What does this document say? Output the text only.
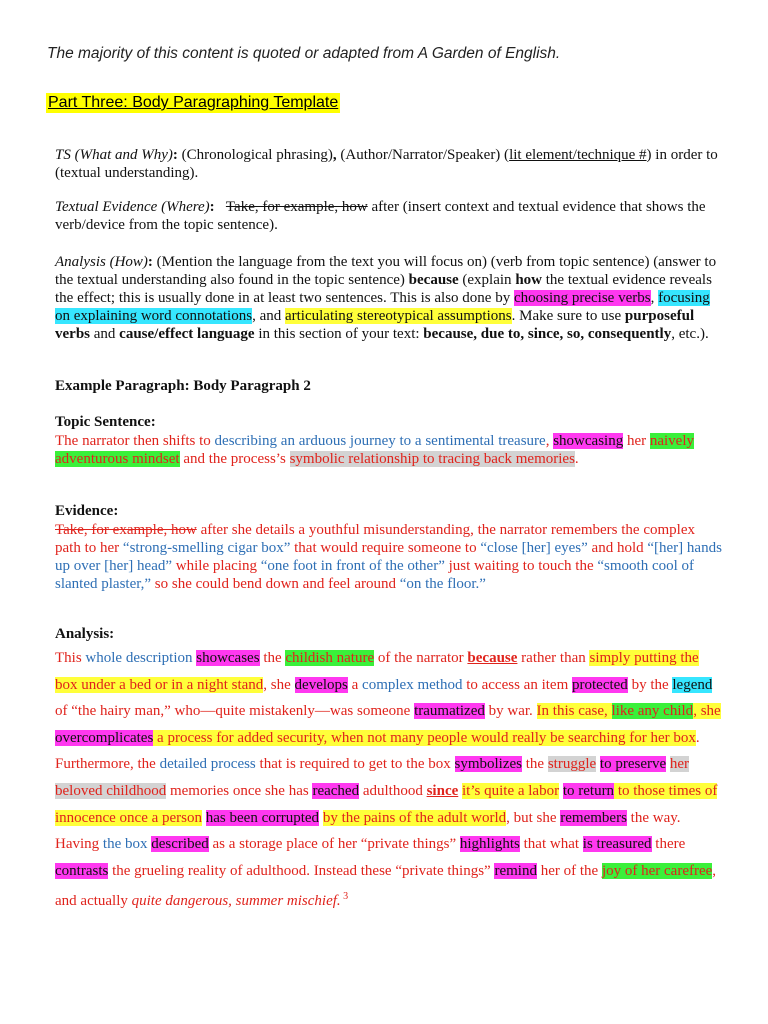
The majority of this content is quoted or adapted from A Garden of English.
Part Three: Body Paragraphing Template
TS (What and Why): (Chronological phrasing), (Author/Narrator/Speaker) (lit element/technique #) in order to (textual understanding).
Textual Evidence (Where): Take, for example, how after (insert context and textual evidence that shows the verb/device from the topic sentence).
Analysis (How): (Mention the language from the text you will focus on) (verb from topic sentence) (answer to the textual understanding also found in the topic sentence) because (explain how the textual evidence reveals the effect; this is usually done in at least two sentences. This is also done by choosing precise verbs, focusing on explaining word connotations, and articulating stereotypical assumptions. Make sure to use purposeful verbs and cause/effect language in this section of your text: because, due to, since, so, consequently, etc.).
Example Paragraph: Body Paragraph 2
Topic Sentence:
The narrator then shifts to describing an arduous journey to a sentimental treasure, showcasing her naively adventurous mindset and the process’s symbolic relationship to tracing back memories.
Evidence:
Take, for example, how after she details a youthful misunderstanding, the narrator remembers the complex path to her “strong-smelling cigar box” that would require someone to “close [her] eyes” and hold “[her] hands up over [her] head” while placing “one foot in front of the other” just waiting to touch the “smooth cool of slanted plaster,” so she could bend down and feel around “on the floor.”
Analysis:
This whole description showcases the childish nature of the narrator because rather than simply putting the box under a bed or in a night stand, she develops a complex method to access an item protected by the legend of “the hairy man,” who—quite mistakenly—was someone traumatized by war. In this case, like any child, she overcomplicates a process for added security, when not many people would really be searching for her box. Furthermore, the detailed process that is required to get to the box symbolizes the struggle to preserve her beloved childhood memories once she has reached adulthood since it’s quite a labor to return to those times of innocence once a person has been corrupted by the pains of the adult world, but she remembers the way. Having the box described as a storage place of her “private things” highlights that what is treasured there contrasts the grueling reality of adulthood. Instead these “private things” remind her of the joy of her carefree, and actually quite dangerous, summer mischief. $^3$
